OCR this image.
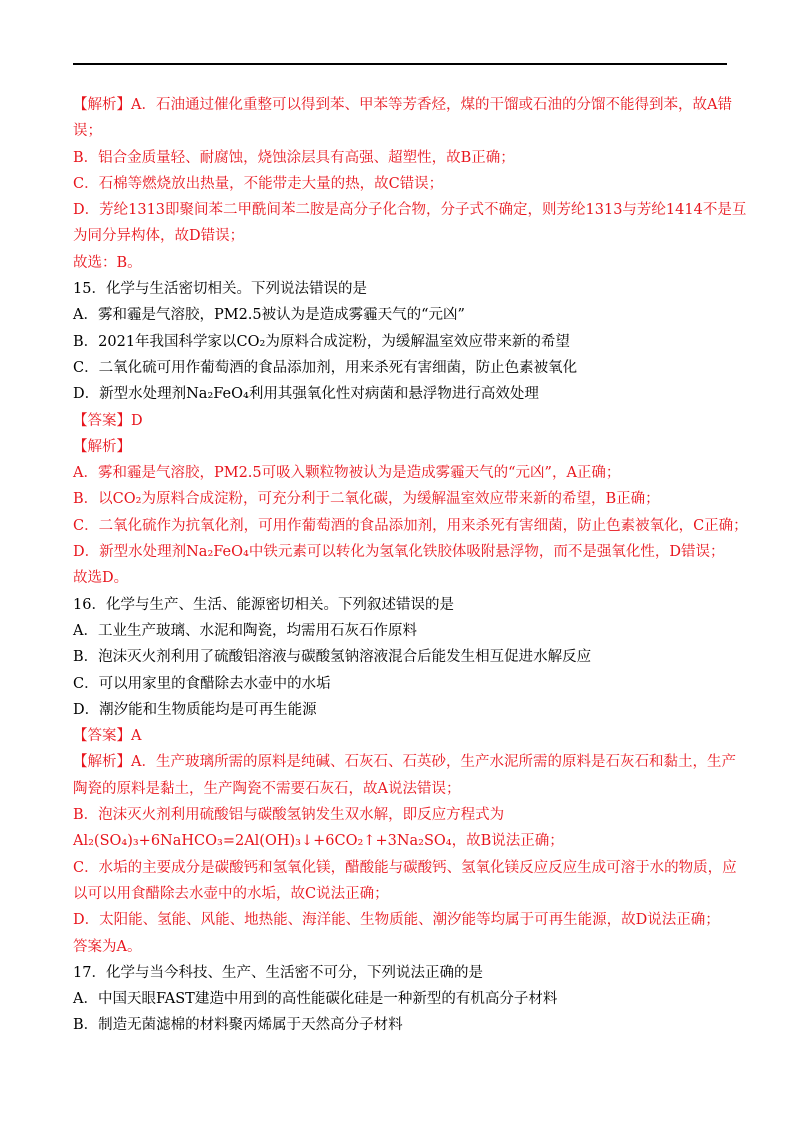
【解析】A．石油通过催化重整可以得到苯、甲苯等芳香烃，煤的干馏或石油的分馏不能得到苯，故A错
误；
B．铝合金质量轻、耐腐蚀，烧蚀涂层具有高强、超塑性，故B正确；
C．石棉等燃烧放出热量，不能带走大量的热，故C错误；
D．芳纶1313即聚间苯二甲酰间苯二胺是高分子化合物，分子式不确定，则芳纶1313与芳纶1414不是互
为同分异构体，故D错误；
故选：B。
15．化学与生活密切相关。下列说法错误的是
A．雾和霾是气溶胶，PM2.5被认为是造成雾霾天气的“元凶”
B．2021年我国科学家以CO₂为原料合成淀粉，为缓解温室效应带来新的希望
C．二氧化硫可用作葡萄酒的食品添加剂，用来杀死有害细菌，防止色素被氧化
D．新型水处理剂Na₂FeO₄利用其强氧化性对病菌和悬浮物进行高效处理
【答案】D
【解析】
A．雾和霾是气溶胶，PM2.5可吸入颗粒物被认为是造成雾霾天气的“元凶”，A正确；
B．以CO₂为原料合成淀粉，可充分利于二氧化碳，为缓解温室效应带来新的希望，B正确；
C．二氧化硫作为抗氧化剂，可用作葡萄酒的食品添加剂，用来杀死有害细菌，防止色素被氧化，C正确；
D．新型水处理剂Na₂FeO₄中铁元素可以转化为氢氧化铁胶体吸附悬浮物，而不是强氧化性，D错误；
故选D。
16．化学与生产、生活、能源密切相关。下列叙述错误的是
A．工业生产玻璃、水泥和陶瓷，均需用石灰石作原料
B．泡沫灭火剂利用了硫酸铝溶液与碳酸氢钠溶液混合后能发生相互促进水解反应
C．可以用家里的食醋除去水壶中的水垢
D．潮汐能和生物质能均是可再生能源
【答案】A
【解析】A．生产玻璃所需的原料是纯碱、石灰石、石英砂，生产水泥所需的原料是石灰石和黏土，生产
陶瓷的原料是黏土，生产陶瓷不需要石灰石，故A说法错误；
B．泡沫灭火剂利用硫酸铝与碳酸氢钠发生双水解，即反应方程式为
Al₂(SO₄)₃+6NaHCO₃=2Al(OH)₃↓+6CO₂↑+3Na₂SO₄，故B说法正确；
C．水垢的主要成分是碳酸钙和氢氧化镁，醋酸能与碳酸钙、氢氧化镁反应反应生成可溶于水的物质，应
以可以用食醋除去水壶中的水垢，故C说法正确；
D．太阳能、氢能、风能、地热能、海洋能、生物质能、潮汐能等均属于可再生能源，故D说法正确；
答案为A。
17．化学与当今科技、生产、生活密不可分，下列说法正确的是
A．中国天眼FAST建造中用到的高性能碳化硅是一种新型的有机高分子材料
B．制造无菌滤棉的材料聚丙烯属于天然高分子材料
